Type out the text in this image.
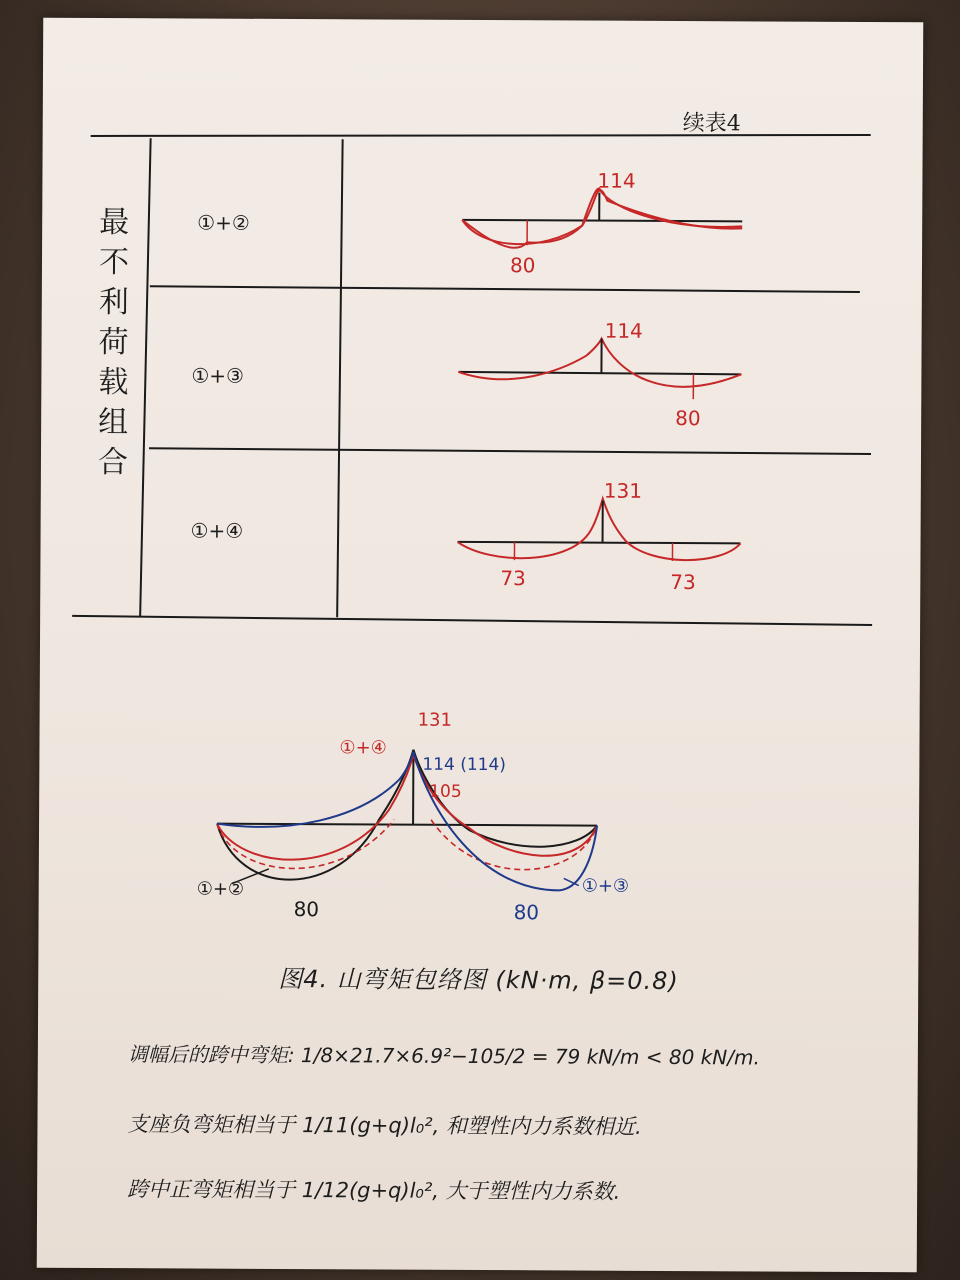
114
80
114
80
131
73	73
续表4
最不利荷载组合
①+②
①+③
①+④
131
①+④
114 (114)
105
①+②
80
①+③
80
图4. 山弯矩包络图 (kN·m, β=0.8)
调幅后的跨中弯矩: 1/8×21.7×6.9²−105/2 = 79 kN/m < 80 kN/m.
支座负弯矩相当于 1/11(g+q)l₀², 和塑性内力系数相近.
跨中正弯矩相当于 1/12(g+q)l₀², 大于塑性内力系数.
